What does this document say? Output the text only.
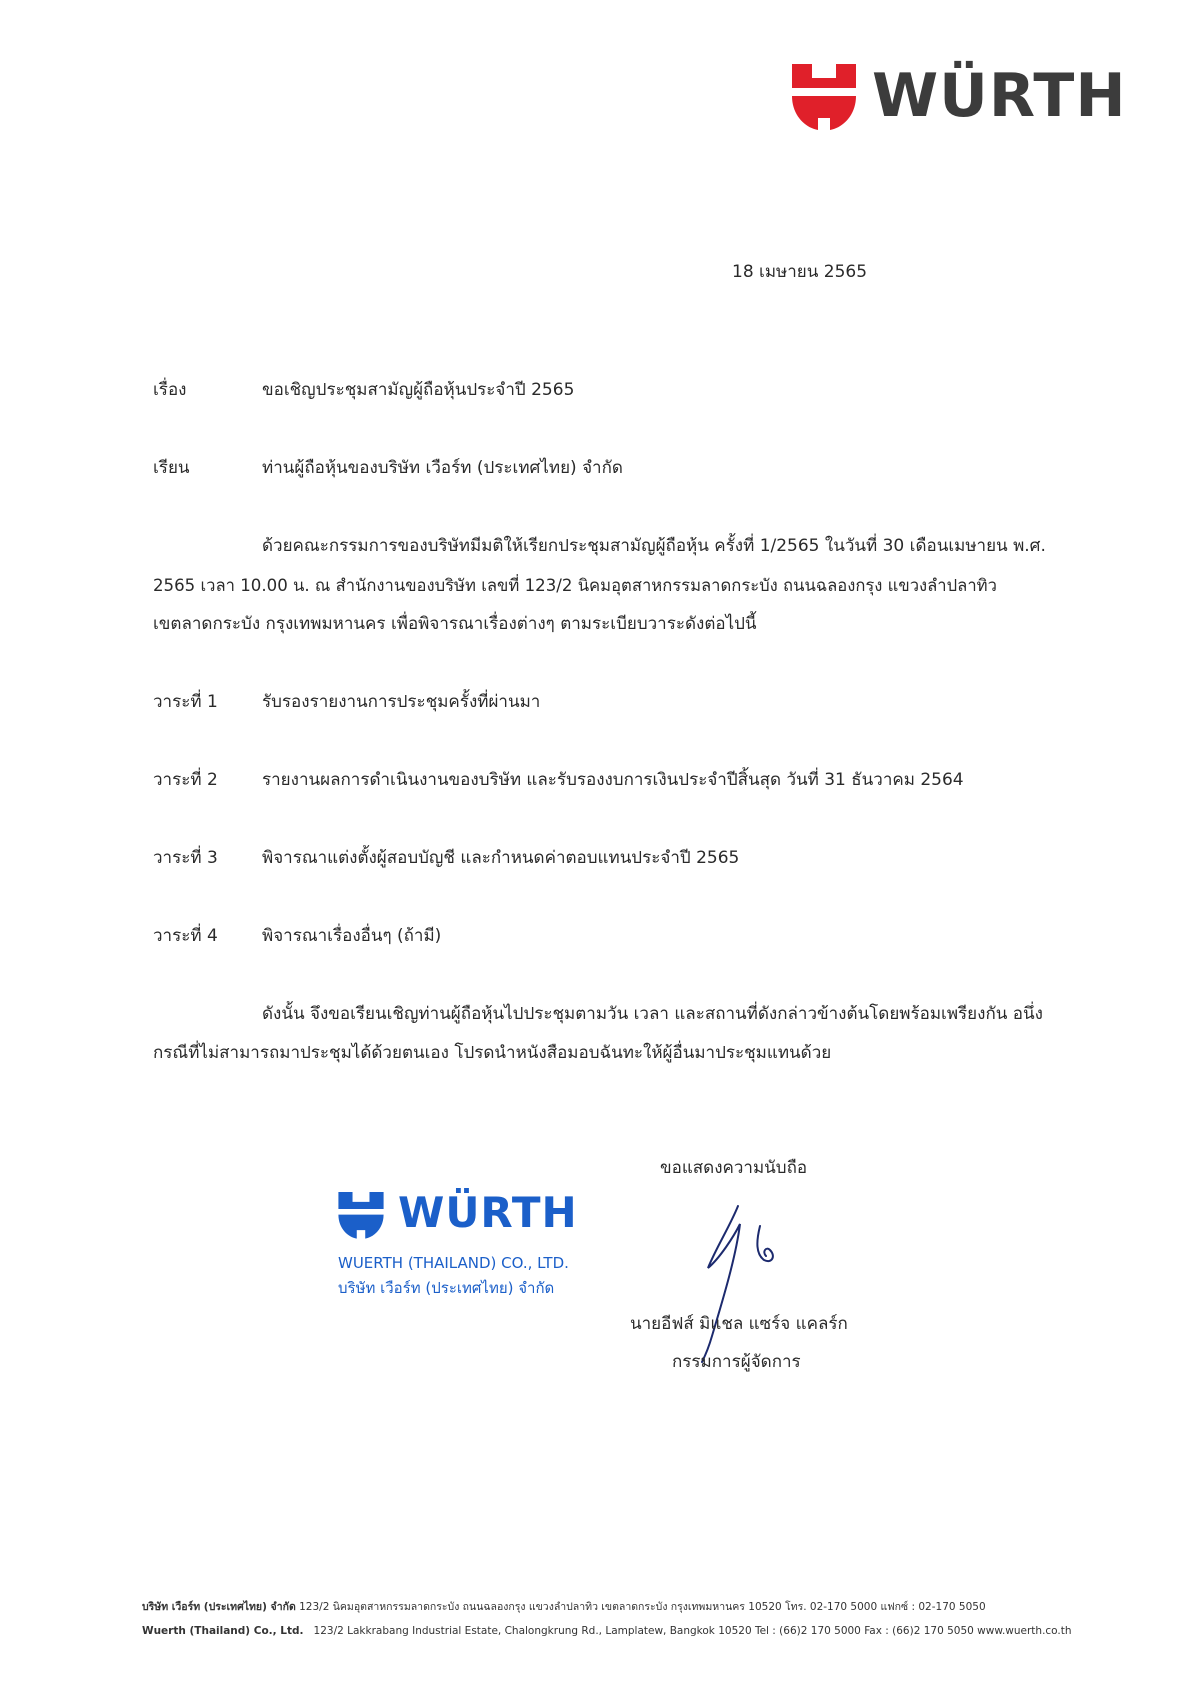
WÜRTH
18 เมษายน 2565
เรื่อง	ขอเชิญประชุมสามัญผู้ถือหุ้นประจำปี 2565
เรียน	ท่านผู้ถือหุ้นของบริษัท เวือร์ท (ประเทศไทย) จำกัด
ด้วยคณะกรรมการของบริษัทมีมติให้เรียกประชุมสามัญผู้ถือหุ้น ครั้งที่ 1/2565 ในวันที่ 30 เดือนเมษายน พ.ศ.
2565 เวลา 10.00 น. ณ สำนักงานของบริษัท เลขที่ 123/2 นิคมอุตสาหกรรมลาดกระบัง ถนนฉลองกรุง แขวงลำปลาทิว
เขตลาดกระบัง กรุงเทพมหานคร เพื่อพิจารณาเรื่องต่างๆ ตามระเบียบวาระดังต่อไปนี้
วาระที่ 1	รับรองรายงานการประชุมครั้งที่ผ่านมา
วาระที่ 2	รายงานผลการดำเนินงานของบริษัท และรับรองงบการเงินประจำปีสิ้นสุด วันที่ 31 ธันวาคม 2564
วาระที่ 3	พิจารณาแต่งตั้งผู้สอบบัญชี และกำหนดค่าตอบแทนประจำปี 2565
วาระที่ 4	พิจารณาเรื่องอื่นๆ (ถ้ามี)
ดังนั้น จึงขอเรียนเชิญท่านผู้ถือหุ้นไปประชุมตามวัน เวลา และสถานที่ดังกล่าวข้างต้นโดยพร้อมเพรียงกัน อนึ่ง
กรณีที่ไม่สามารถมาประชุมได้ด้วยตนเอง โปรดนำหนังสือมอบฉันทะให้ผู้อื่นมาประชุมแทนด้วย
ขอแสดงความนับถือ
WÜRTH
WUERTH (THAILAND) CO., LTD.
บริษัท เวือร์ท (ประเทศไทย) จำกัด
นายอีฟส์ มิแชล แซร์จ แคลร์ก
กรรมการผู้จัดการ
บริษัท เวือร์ท (ประเทศไทย) จำกัด 123/2 นิคมอุตสาหกรรมลาดกระบัง ถนนฉลองกรุง แขวงลำปลาทิว เขตลาดกระบัง กรุงเทพมหานคร 10520 โทร. 02-170 5000 แฟกซ์ : 02-170 5050
Wuerth (Thailand) Co., Ltd. 123/2 Lakkrabang Industrial Estate, Chalongkrung Rd., Lamplatew, Bangkok 10520 Tel : (66)2 170 5000 Fax : (66)2 170 5050 www.wuerth.co.th
